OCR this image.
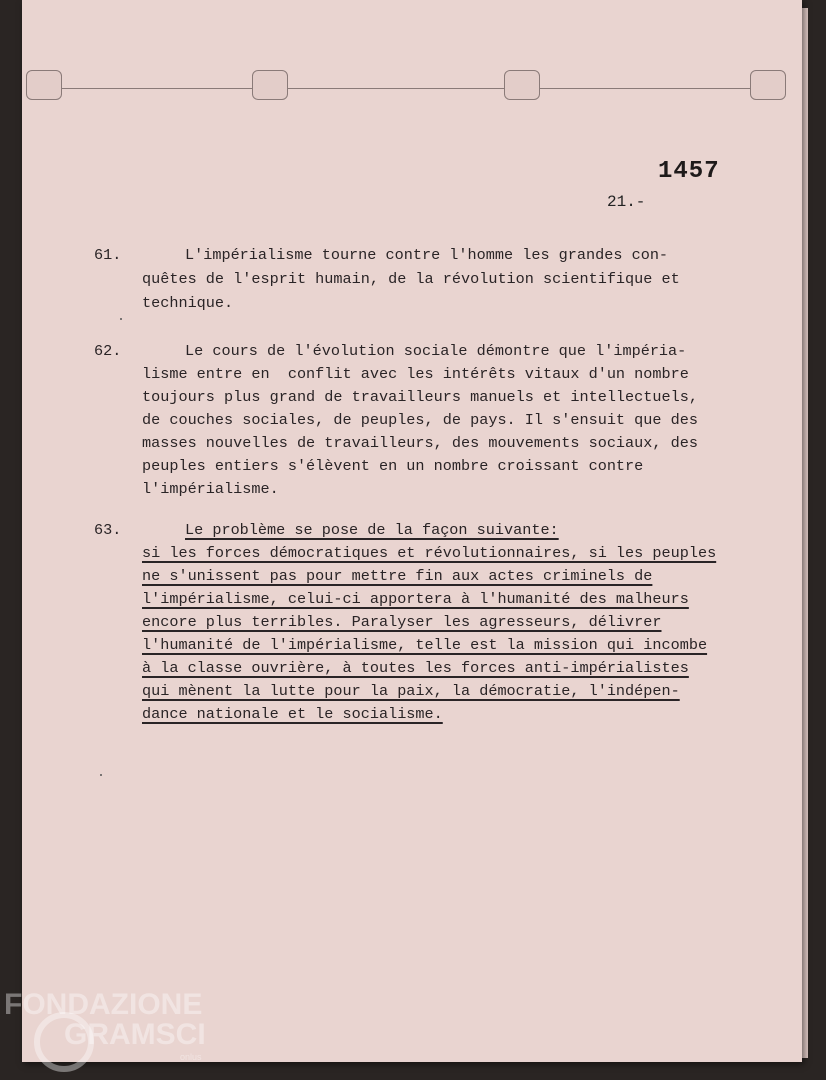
1457
21.-
61.	L'impérialisme tourne contre l'homme les grandes con-
quêtes de l'esprit humain, de la révolution scientifique et
technique.
62.	Le cours de l'évolution sociale démontre que l'impéria-
lisme entre en  conflit avec les intérêts vitaux d'un nombre
toujours plus grand de travailleurs manuels et intellectuels,
de couches sociales, de peuples, de pays. Il s'ensuit que des
masses nouvelles de travailleurs, des mouvements sociaux, des
peuples entiers s'élèvent en un nombre croissant contre
l'impérialisme.
63.	Le problème se pose de la façon suivante:
si les forces démocratiques et révolutionnaires, si les peuples
ne s'unissent pas pour mettre fin aux actes criminels de
l'impérialisme, celui-ci apportera à l'humanité des malheurs
encore plus terribles. Paralyser les agresseurs, délivrer
l'humanité de l'impérialisme, telle est la mission qui incombe
à la classe ouvrière, à toutes les forces anti-impérialistes
qui mènent la lutte pour la paix, la démocratie, l'indépen-
dance nationale et le socialisme.
FONDAZIONE
GRAMSCI
onlus
